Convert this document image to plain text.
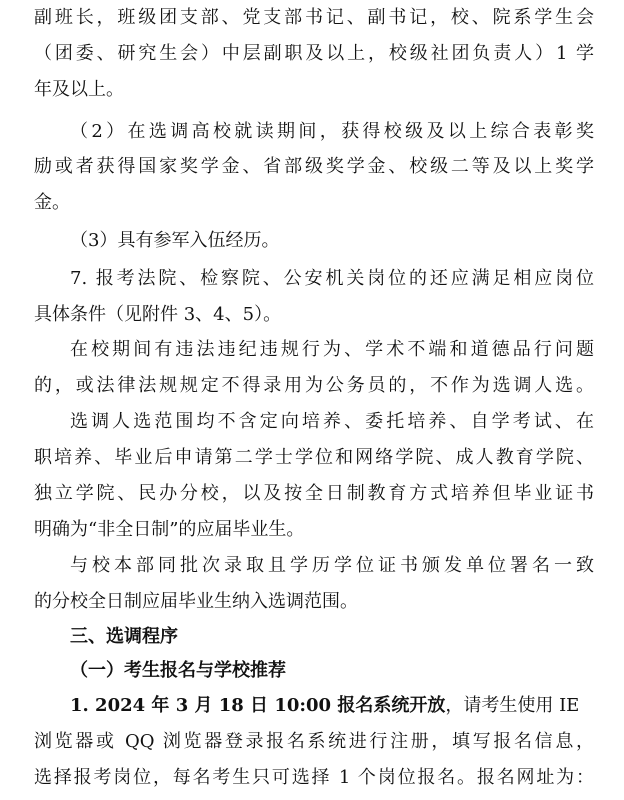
副班长，班级团支部、党支部书记、副书记，校、院系学生会
（团委、研究生会）中层副职及以上，校级社团负责人）1 学
年及以上。
（2）在选调高校就读期间，获得校级及以上综合表彰奖
励或者获得国家奖学金、省部级奖学金、校级二等及以上奖学
金。
（3）具有参军入伍经历。
7. 报考法院、检察院、公安机关岗位的还应满足相应岗位
具体条件（见附件 3、4、5）。
在校期间有违法违纪违规行为、学术不端和道德品行问题
的，或法律法规规定不得录用为公务员的，不作为选调人选。
选调人选范围均不含定向培养、委托培养、自学考试、在
职培养、毕业后申请第二学士学位和网络学院、成人教育学院、
独立学院、民办分校，以及按全日制教育方式培养但毕业证书
明确为“非全日制”的应届毕业生。
与校本部同批次录取且学历学位证书颁发单位署名一致
的分校全日制应届毕业生纳入选调范围。
三、选调程序
（一）考生报名与学校推荐
1. 2024 年 3 月 18 日 10:00 报名系统开放，请考生使用 IE
浏览器或 QQ 浏览器登录报名系统进行注册，填写报名信息，
选择报考岗位，每名考生只可选择 1 个岗位报名。报名网址为：
